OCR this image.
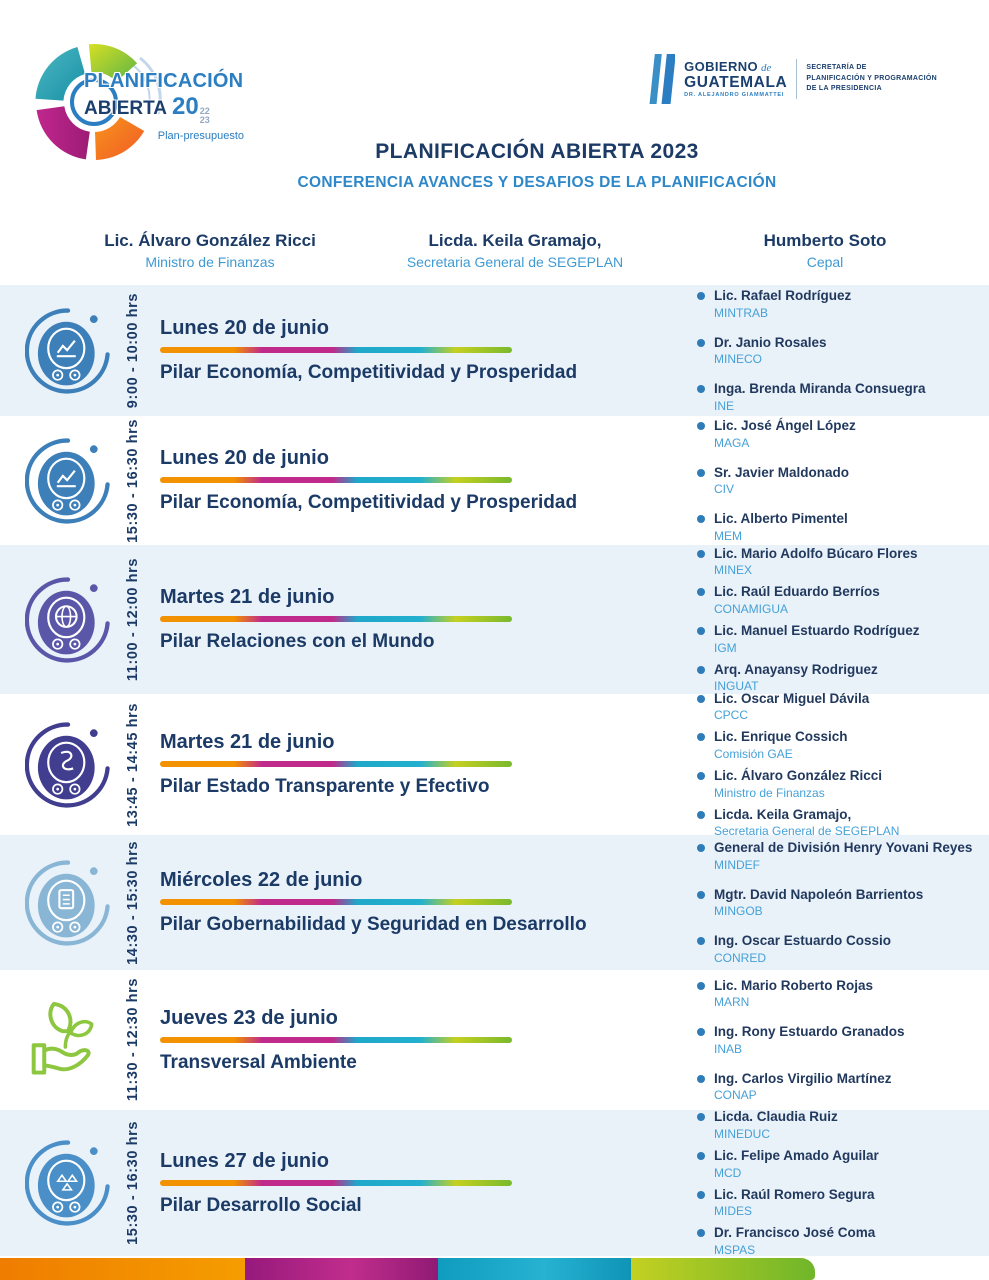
PLANIFICACIÓN
ABIERTA 20 22
23
Plan-presupuesto
GOBIERNO de
GUATEMALA
DR. ALEJANDRO GIAMMATTEI
SECRETARÍA DE
PLANIFICACIÓN Y PROGRAMACIÓN
DE LA PRESIDENCIA
PLANIFICACIÓN ABIERTA 2023
CONFERENCIA AVANCES Y DESAFIOS DE LA PLANIFICACIÓN
Lic. Álvaro González Ricci
Ministro de Finanzas
Licda. Keila Gramajo,
Secretaria General de SEGEPLAN
Humberto Soto
Cepal
9:00 - 10:00 hrs Lunes 20 de junio
Pilar Economía, Competitividad y Prosperidad
Lic. Rafael Rodríguez
MINTRAB
Dr. Janio Rosales
MINECO
Inga. Brenda Miranda Consuegra
INE
15:30 - 16:30 hrs Lunes 20 de junio
Pilar Economía, Competitividad y Prosperidad
Lic. José Ángel López
MAGA
Sr. Javier Maldonado
CIV
Lic. Alberto Pimentel
MEM
11:00 - 12:00 hrs Martes 21 de junio
Pilar Relaciones con el Mundo
Lic. Mario Adolfo Búcaro Flores
MINEX
Lic. Raúl Eduardo Berríos
CONAMIGUA
Lic. Manuel Estuardo Rodríguez
IGM
Arq. Anayansy Rodriguez
INGUAT
13:45 - 14:45 hrs Martes 21 de junio
Pilar Estado Transparente y Efectivo
Lic. Oscar Miguel Dávila
CPCC
Lic. Enrique Cossich
Comisión GAE
Lic. Álvaro González Ricci
Ministro de Finanzas
Licda. Keila Gramajo,
Secretaria General de SEGEPLAN
14:30 - 15:30 hrs Miércoles 22 de junio
Pilar Gobernabilidad y Seguridad en Desarrollo
General de División Henry Yovani Reyes
MINDEF
Mgtr. David Napoleón Barrientos
MINGOB
Ing. Oscar Estuardo Cossio
CONRED
11:30 - 12:30 hrs Jueves 23 de junio
Transversal Ambiente
Lic. Mario Roberto Rojas
MARN
Ing. Rony Estuardo Granados
INAB
Ing. Carlos Virgilio Martínez
CONAP
15:30 - 16:30 hrs Lunes 27 de junio
Pilar Desarrollo Social
Licda. Claudia Ruiz
MINEDUC
Lic. Felipe Amado Aguilar
MCD
Lic. Raúl Romero Segura
MIDES
Dr. Francisco José Coma
MSPAS
